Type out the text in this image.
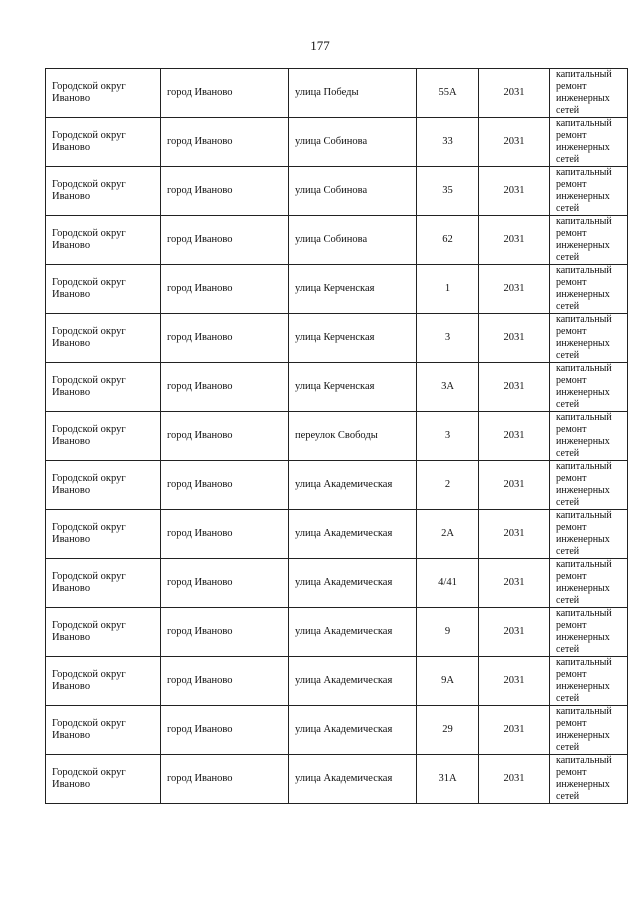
177
Городской округ Иваново	город Иваново	улица Победы	55А	2031	капитальный ремонт инженерных сетей
Городской округ Иваново	город Иваново	улица Собинова	33	2031	капитальный ремонт инженерных сетей
Городской округ Иваново	город Иваново	улица Собинова	35	2031	капитальный ремонт инженерных сетей
Городской округ Иваново	город Иваново	улица Собинова	62	2031	капитальный ремонт инженерных сетей
Городской округ Иваново	город Иваново	улица Керченская	1	2031	капитальный ремонт инженерных сетей
Городской округ Иваново	город Иваново	улица Керченская	3	2031	капитальный ремонт инженерных сетей
Городской округ Иваново	город Иваново	улица Керченская	3А	2031	капитальный ремонт инженерных сетей
Городской округ Иваново	город Иваново	переулок Свободы	3	2031	капитальный ремонт инженерных сетей
Городской округ Иваново	город Иваново	улица Академическая	2	2031	капитальный ремонт инженерных сетей
Городской округ Иваново	город Иваново	улица Академическая	2А	2031	капитальный ремонт инженерных сетей
Городской округ Иваново	город Иваново	улица Академическая	4/41	2031	капитальный ремонт инженерных сетей
Городской округ Иваново	город Иваново	улица Академическая	9	2031	капитальный ремонт инженерных сетей
Городской округ Иваново	город Иваново	улица Академическая	9А	2031	капитальный ремонт инженерных сетей
Городской округ Иваново	город Иваново	улица Академическая	29	2031	капитальный ремонт инженерных сетей
Городской округ Иваново	город Иваново	улица Академическая	31А	2031	капитальный ремонт инженерных сетей
